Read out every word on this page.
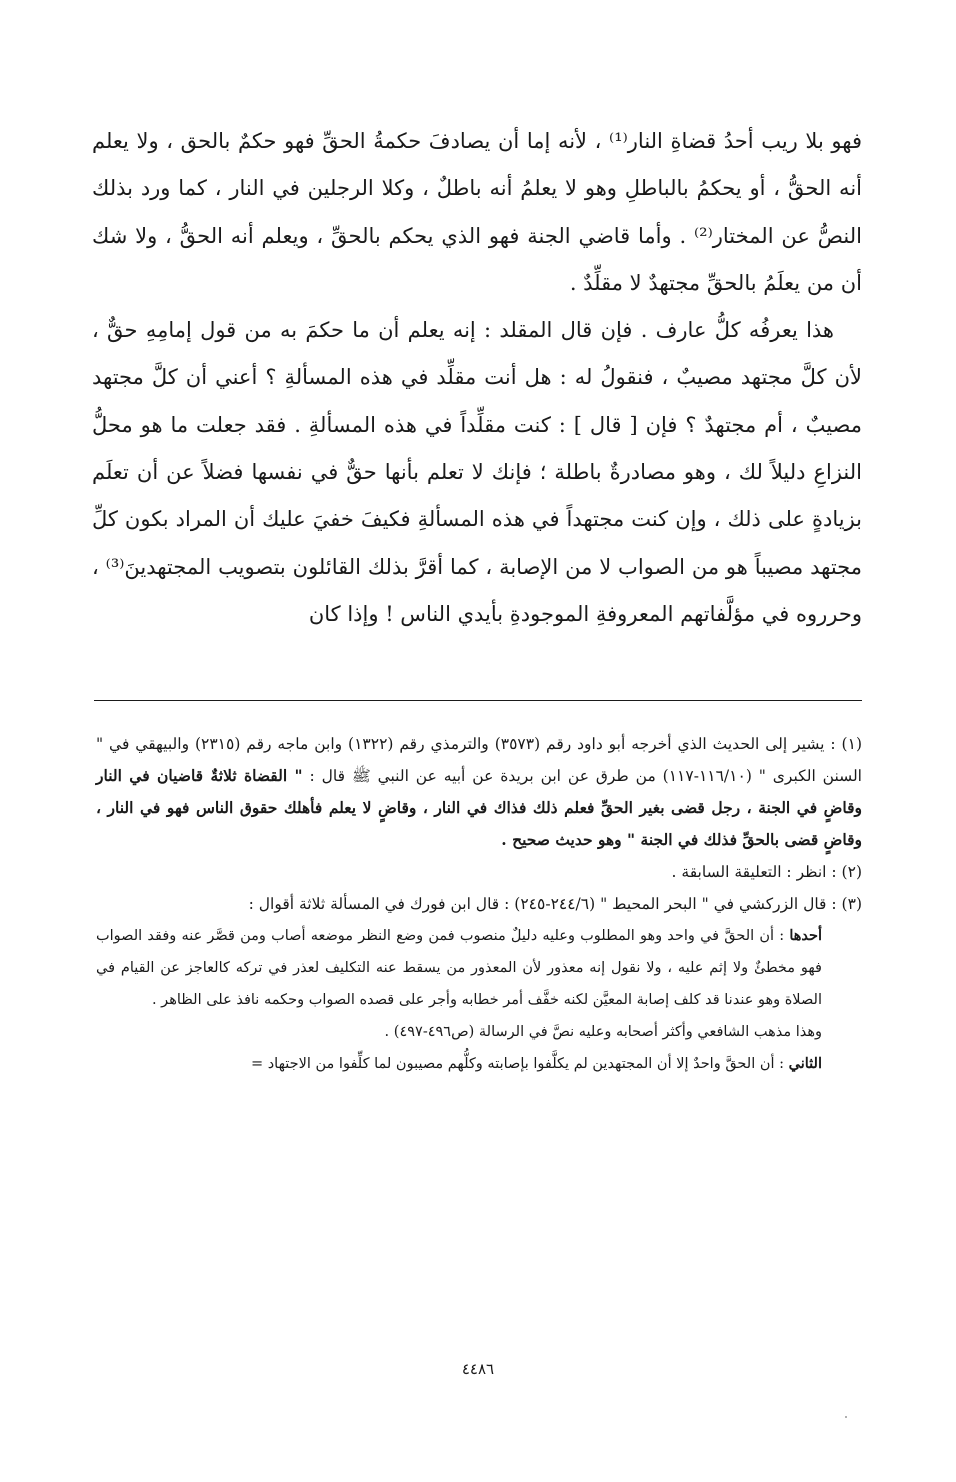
فهو بلا ريب أحدُ قضاةِ النار⁽¹⁾ ، لأنه إما أن يصادفَ حكمةُ الحقِّ فهو حكمٌ بالحق ، ولا يعلم أنه الحقُّ ، أو يحكمُ بالباطلِ وهو لا يعلمُ أنه باطلٌ ، وكلا الرجلين في النار ، كما ورد بذلك النصُّ عن المختار⁽²⁾ . وأما قاضي الجنة فهو الذي يحكم بالحقِّ ، ويعلم أنه الحقُّ ، ولا شك أن من يعلَمُ بالحقِّ مجتهدٌ لا مقلِّدٌ .

هذا يعرفُه كلُّ عارف . فإن قال المقلد : إنه يعلم أن ما حكمَ به من قول إمامِهِ حقٌّ ، لأن كلَّ مجتهد مصيبٌ ، فنقولُ له : هل أنت مقلِّد في هذه المسألةِ ؟ أعني أن كلَّ مجتهد مصيبٌ ، أم مجتهدٌ ؟ فإن [ قال ] : كنت مقلِّداً في هذه المسألةِ . فقد جعلت ما هو محلُّ النزاعِ دليلاً لك ، وهو مصادرةٌ باطلة ؛ فإنك لا تعلم بأنها حقٌّ في نفسها فضلاً عن أن تعلَم بزيادةٍ على ذلك ، وإن كنت مجتهداً في هذه المسألةِ فكيفَ خفيَ عليك أن المراد بكون كلِّ مجتهد مصيباً هو من الصواب لا من الإصابة ، كما أقرَّ بذلك القائلون بتصويب المجتهدينَ⁽³⁾ ، وحرروه في مؤلَّفاتهم المعروفةِ الموجودةِ بأيدي الناس ! وإذا كان

(١) : يشير إلى الحديث الذي أخرجه أبو داود رقم (٣٥٧٣) والترمذي رقم (١٣٢٢) وابن ماجه رقم (٢٣١٥) والبيهقي في " السنن الكبرى " (١١٦/١٠-١١٧) من طرق عن ابن بريدة عن أبيه عن النبي ﷺ قال : " القضاة ثلاثةٌ قاضيان في النار وقاضٍ في الجنة ، رجل قضى بغير الحقِّ فعلم ذلك فذاك في النار ، وقاضٍ لا يعلم فأهلك حقوق الناس فهو في النار ، وقاضٍ قضى بالحقِّ فذلك في الجنة " وهو حديث صحيح .

(٢) : انظر : التعليقة السابقة .

(٣) : قال الزركشي في " البحر المحيط " (٢٤٤/٦-٢٤٥) : قال ابن فورك في المسألة ثلاثة أقوال :

أحدها : أن الحقَّ في واحد وهو المطلوب وعليه دليلٌ منصوب فمن وضع النظر موضعه أصاب ومن قصَّر عنه وفقد الصواب فهو مخطئٌ ولا إثم عليه ، ولا نقول إنه معذور لأن المعذور من يسقط عنه التكليف لعذر في تركه كالعاجز عن القيام في الصلاة وهو عندنا قد كلف إصابة المعيَّن لكنه خفَّف أمر خطابه وأجر على قصده الصواب وحكمه نافذ على الظاهر .

وهذا مذهب الشافعي وأكثر أصحابه وعليه نصَّ في الرسالة (ص٤٩٦-٤٩٧) .

الثاني : أن الحقَّ واحدٌ إلا أن المجتهدين لم يكلَّفوا بإصابته وكلُّهم مصيبون لما كلِّفوا من الاجتهاد =

٤٤٨٦
